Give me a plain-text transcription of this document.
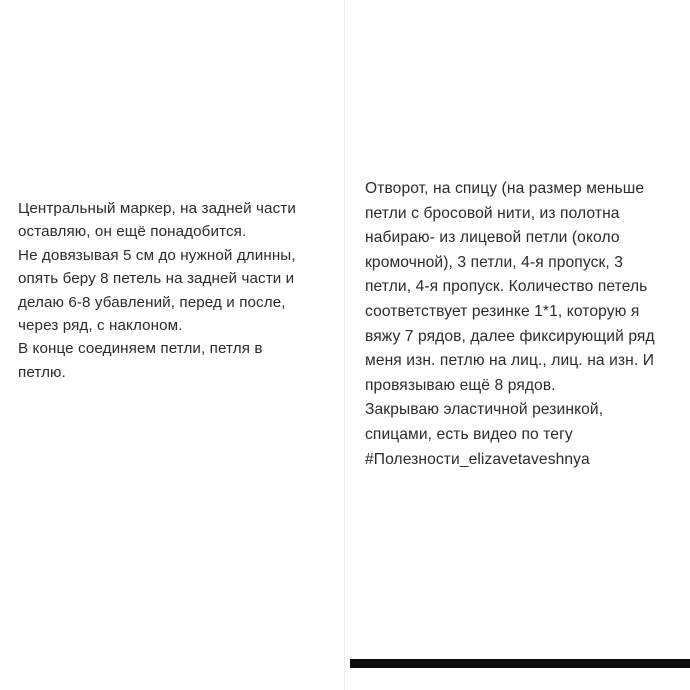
Центральный маркер, на задней части
оставляю, он ещё понадобится.
Не довязывая 5 см до нужной длинны,
опять беру 8 петель на задней части и
делаю 6-8 убавлений, перед и после,
через ряд, с наклоном.
В конце соединяем петли, петля в
петлю.
Отворот, на спицу (на размер меньше
петли с бросовой нити, из полотна
набираю- из лицевой петли (около
кромочной), 3 петли, 4-я пропуск, 3
петли, 4-я пропуск. Количество петель
соответствует резинке 1*1, которую я
вяжу 7 рядов, далее фиксирующий ряд
меня изн. петлю на лиц., лиц. на изн. И
провязываю ещё 8 рядов.
Закрываю эластичной резинкой,
спицами, есть видео по тегу
#Полезности_elizavetaveshnya
